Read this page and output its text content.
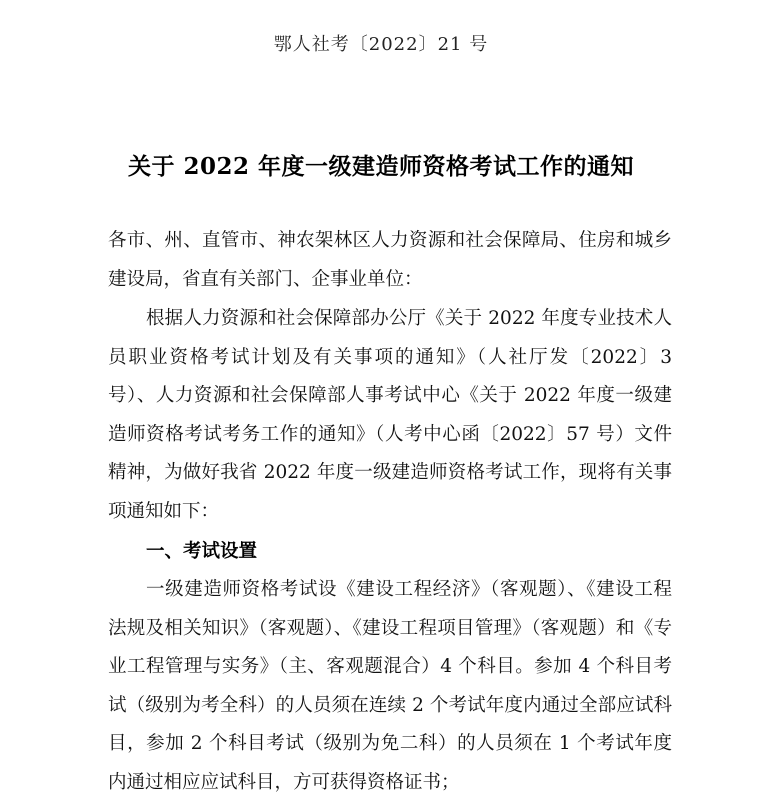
鄂人社考〔2022〕21 号
关于 2022 年度一级建造师资格考试工作的通知
各市、州、直管市、神农架林区人力资源和社会保障局、住房和城乡建设局，省直有关部门、企事业单位：
根据人力资源和社会保障部办公厅《关于 2022 年度专业技术人员职业资格考试计划及有关事项的通知》（人社厅发〔2022〕3 号）、人力资源和社会保障部人事考试中心《关于 2022 年度一级建造师资格考试考务工作的通知》（人考中心函〔2022〕57 号）文件精神，为做好我省 2022 年度一级建造师资格考试工作，现将有关事项通知如下：
一、考试设置
一级建造师资格考试设《建设工程经济》（客观题）、《建设工程法规及相关知识》（客观题）、《建设工程项目管理》（客观题）和《专业工程管理与实务》（主、客观题混合）4 个科目。参加 4 个科目考试（级别为考全科）的人员须在连续 2 个考试年度内通过全部应试科目，参加 2 个科目考试（级别为免二科）的人员须在 1 个考试年度内通过相应应试科目，方可获得资格证书；
